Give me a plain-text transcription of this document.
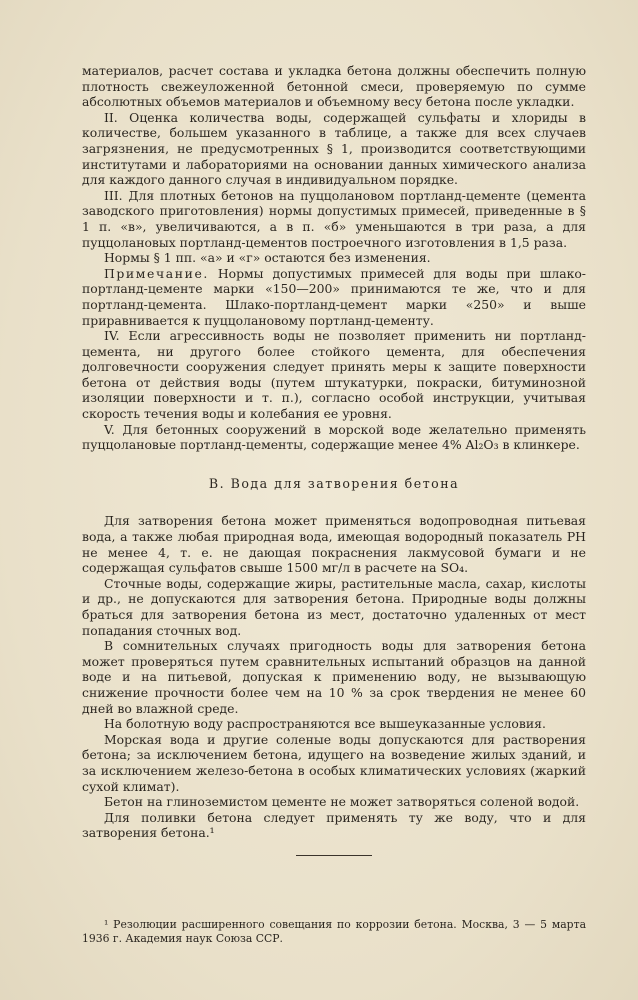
материалов, расчет состава и укладка бетона должны обеспечить полную плотность свежеуложенной бетонной смеси, проверяемую по сумме абсолютных объемов материалов и объемному весу бетона после укладки.

II. Оценка количества воды, содержащей сульфаты и хлориды в количестве, большем указанного в таблице, а также для всех случаев загрязнения, не предусмотренных § 1, производится соответствующими институтами и лабораториями на основании данных химического анализа для каждого данного случая в индивидуальном порядке.

III. Для плотных бетонов на пуццолановом портланд-цементе (цемента заводского приготовления) нормы допустимых примесей, приведенные в § 1 п. «в», увеличиваются, а в п. «б» уменьшаются в три раза, а для пуццолановых портланд-цементов построечного изготовления в 1,5 раза.

Нормы § 1 пп. «а» и «г» остаются без изменения.

Примечание. Нормы допустимых примесей для воды при шлако-портланд-цементе марки «150—200» принимаются те же, что и для портланд-цемента. Шлако-портланд-цемент марки «250» и выше приравнивается к пуццолановому портланд-цементу.

IV. Если агрессивность воды не позволяет применить ни портланд-цемента, ни другого более стойкого цемента, для обеспечения долговечности сооружения следует принять меры к защите поверхности бетона от действия воды (путем штукатурки, покраски, битуминозной изоляции поверхности и т. п.), согласно особой инструкции, учитывая скорость течения воды и колебания ее уровня.

V. Для бетонных сооружений в морской воде желательно применять пуццолановые портланд-цементы, содержащие менее 4% Al₂O₃ в клинкере.

В. Вода для затворения бетона

Для затворения бетона может применяться водопроводная питьевая вода, а также любая природная вода, имеющая водородный показатель РН не менее 4, т. е. не дающая покраснения лакмусовой бумаги и не содержащая сульфатов свыше 1500 мг/л в расчете на SO₄.

Сточные воды, содержащие жиры, растительные масла, сахар, кислоты и др., не допускаются для затворения бетона. Природные воды должны браться для затворения бетона из мест, достаточно удаленных от мест попадания сточных вод.

В сомнительных случаях пригодность воды для затворения бетона может проверяться путем сравнительных испытаний образцов на данной воде и на питьевой, допуская к применению воду, не вызывающую снижение прочности более чем на 10 % за срок твердения не менее 60 дней во влажной среде.

На болотную воду распространяются все вышеуказанные условия.

Морская вода и другие соленые воды допускаются для растворения бетона; за исключением бетона, идущего на возведение жилых зданий, и за исключением железо-бетона в особых климатических условиях (жаркий сухой климат).

Бетон на глиноземистом цементе не может затворяться соленой водой.

Для поливки бетона следует применять ту же воду, что и для затворения бетона.¹

¹ Резолюции расширенного совещания по коррозии бетона. Москва, 3 — 5 марта 1936 г. Академия наук Союза ССР.
